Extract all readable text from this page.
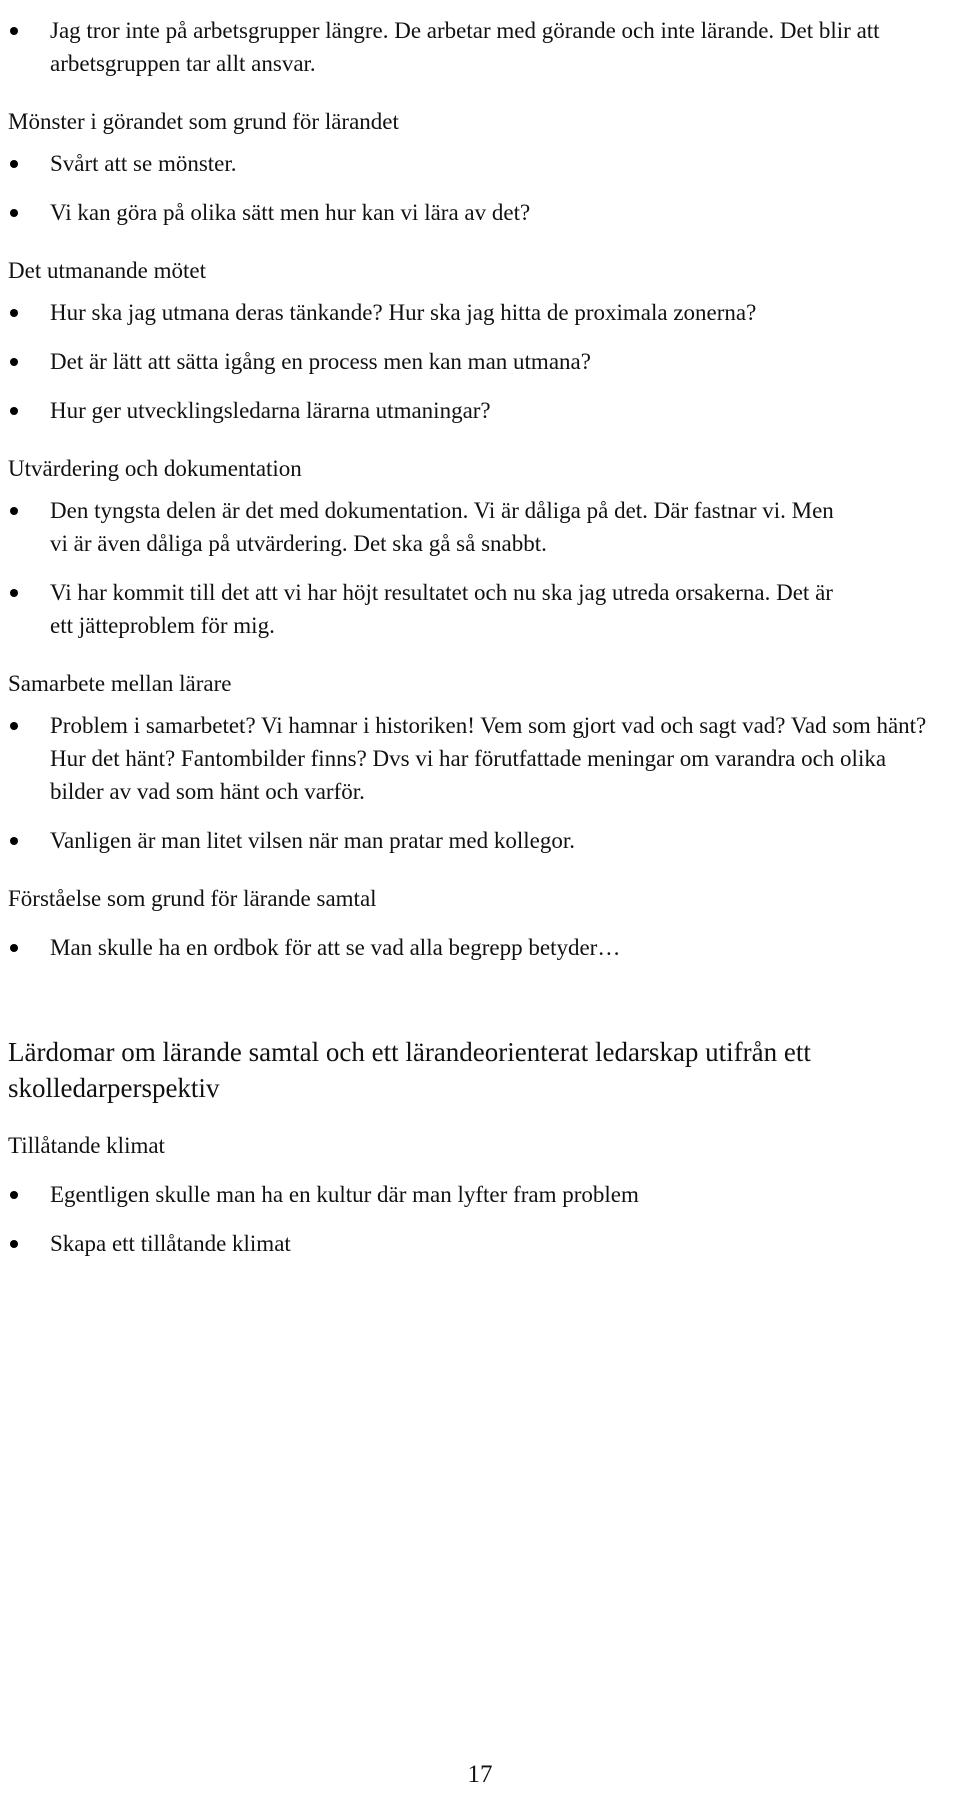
Jag tror inte på arbetsgrupper längre. De arbetar med görande och inte lärande. Det blir att arbetsgruppen tar allt ansvar.
Mönster i görandet som grund för lärandet
Svårt att se mönster.
Vi kan göra på olika sätt men hur kan vi lära av det?
Det utmanande mötet
Hur ska jag utmana deras tänkande? Hur ska jag hitta de proximala zonerna?
Det är lätt att sätta igång en process men kan man utmana?
Hur ger utvecklingsledarna lärarna utmaningar?
Utvärdering och dokumentation
Den tyngsta delen är det med dokumentation. Vi är dåliga på det. Där fastnar vi. Men vi är även dåliga på utvärdering. Det ska gå så snabbt.
Vi har kommit till det att vi har höjt resultatet och nu ska jag utreda orsakerna. Det är ett jätteproblem för mig.
Samarbete mellan lärare
Problem i samarbetet? Vi hamnar i historiken! Vem som gjort vad och sagt vad? Vad som hänt? Hur det hänt? Fantombilder finns? Dvs vi har förutfattade meningar om varandra och olika bilder av vad som hänt och varför.
Vanligen är man litet vilsen när man pratar med kollegor.
Förståelse som grund för lärande samtal
Man skulle ha en ordbok för att se vad alla begrepp betyder…
Lärdomar om lärande samtal och ett lärandeorienterat ledarskap utifrån ett skolledarperspektiv
Tillåtande klimat
Egentligen skulle man ha en kultur där man lyfter fram problem
Skapa ett tillåtande klimat
17
